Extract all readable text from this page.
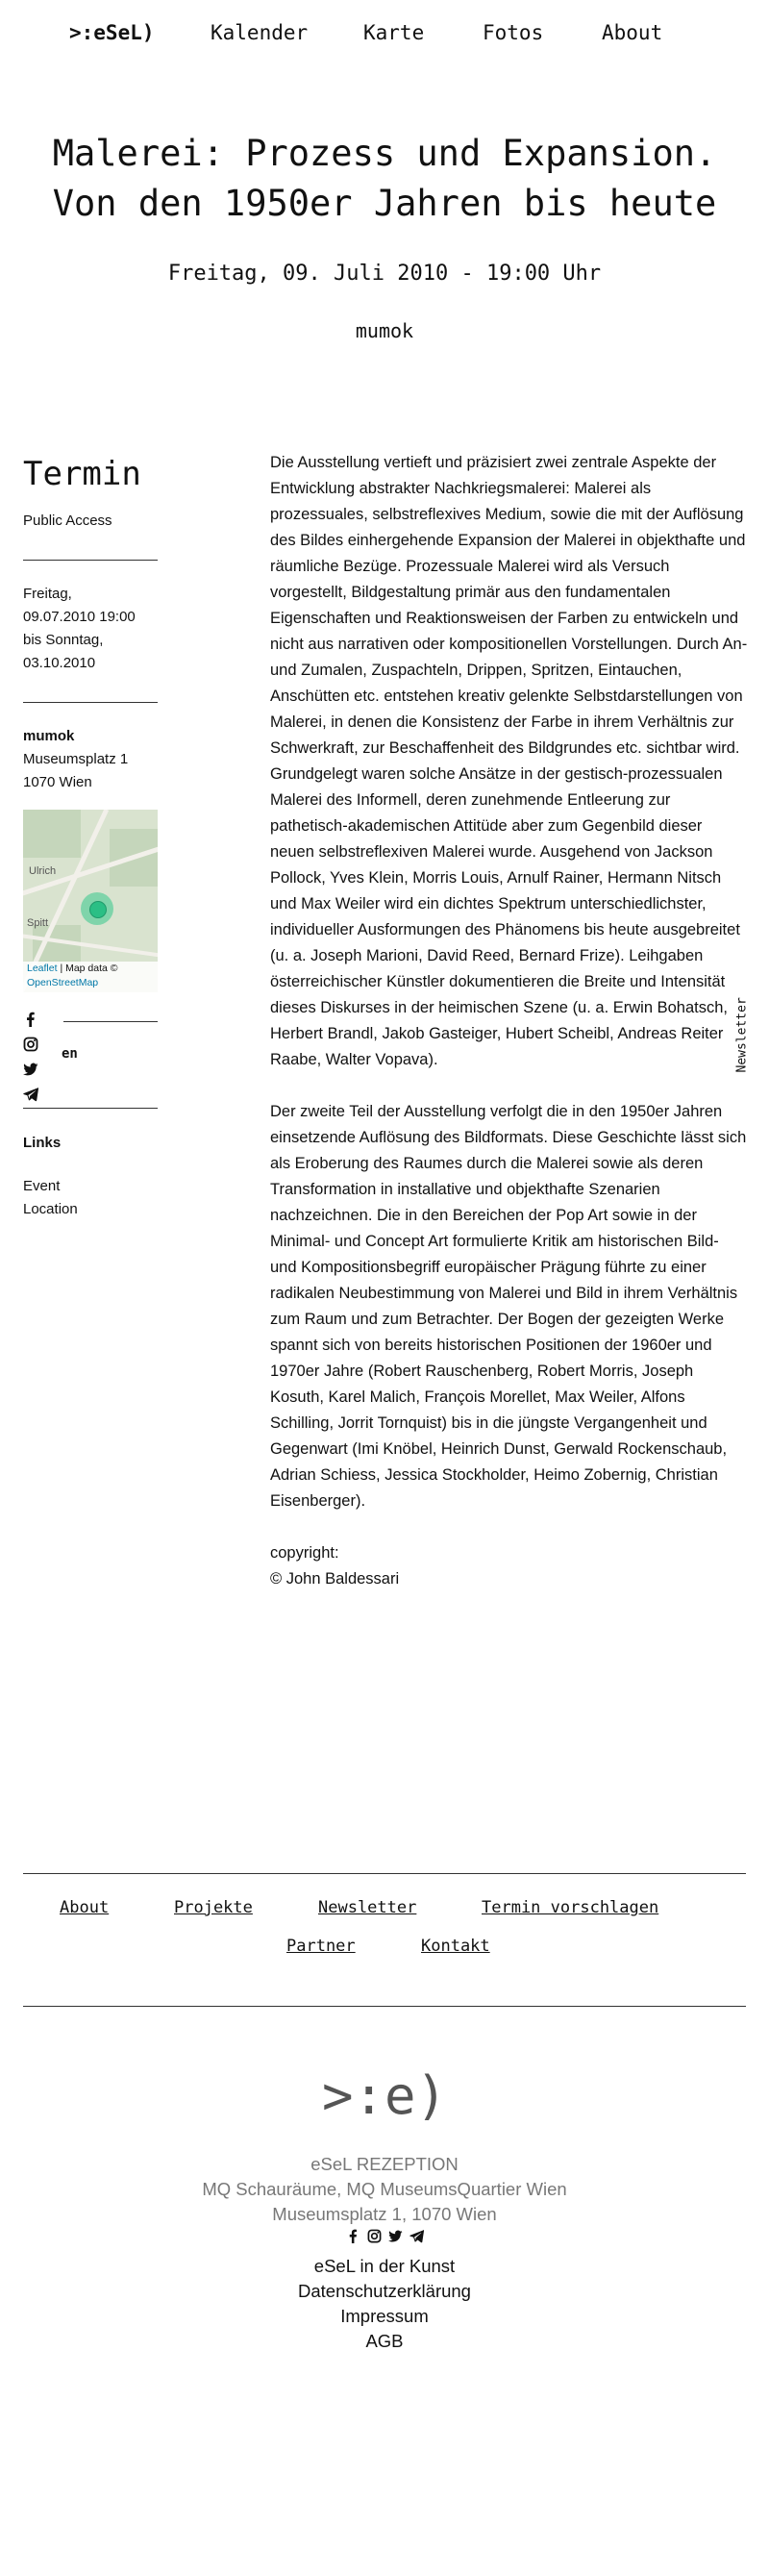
>:eSeL)	Kalender	Karte	Fotos	About
Malerei: Prozess und Expansion. Von den 1950er Jahren bis heute
Freitag, 09. Juli 2010 - 19:00 Uhr
mumok
Termin
Public Access
Freitag,
09.07.2010 19:00
bis Sonntag,
03.10.2010
mumok
Museumsplatz 1
1070 Wien
Ulrich
Spitt
Leaflet | Map data ©
OpenStreetMap
en
Links
Event
Location

Die Ausstellung vertieft und präzisiert zwei zentrale Aspekte der Entwicklung abstrakter Nachkriegsmalerei: Malerei als prozessuales, selbstreflexives Medium, sowie die mit der Auflösung des Bildes einhergehende Expansion der Malerei in objekthafte und räumliche Bezüge. Prozessuale Malerei wird als Versuch vorgestellt, Bildgestaltung primär aus den fundamentalen Eigenschaften und Reaktionsweisen der Farben zu entwickeln und nicht aus narrativen oder kompositionellen Vorstellungen. Durch An- und Zumalen, Zuspachteln, Drippen, Spritzen, Eintauchen, Anschütten etc. entstehen kreativ gelenkte Selbstdarstellungen von Malerei, in denen die Konsistenz der Farbe in ihrem Verhältnis zur Schwerkraft, zur Beschaffenheit des Bildgrundes etc. sichtbar wird. Grundgelegt waren solche Ansätze in der gestisch-prozessualen Malerei des Informell, deren zunehmende Entleerung zur pathetisch-akademischen Attitüde aber zum Gegenbild dieser neuen selbstreflexiven Malerei wurde. Ausgehend von Jackson Pollock, Yves Klein, Morris Louis, Arnulf Rainer, Hermann Nitsch und Max Weiler wird ein dichtes Spektrum unterschiedlichster, individueller Ausformungen des Phänomens bis heute ausgebreitet (u. a. Joseph Marioni, David Reed, Bernard Frize). Leihgaben österreichischer Künstler dokumentieren die Breite und Intensität dieses Diskurses in der heimischen Szene (u. a. Erwin Bohatsch, Herbert Brandl, Jakob Gasteiger, Hubert Scheibl, Andreas Reiter Raabe, Walter Vopava).

Der zweite Teil der Ausstellung verfolgt die in den 1950er Jahren einsetzende Auflösung des Bildformats. Diese Geschichte lässt sich als Eroberung des Raumes durch die Malerei sowie als deren Transformation in installative und objekthafte Szenarien nachzeichnen. Die in den Bereichen der Pop Art sowie in der Minimal- und Concept Art formulierte Kritik am historischen Bild- und Kompositionsbegriff europäischer Prägung führte zu einer radikalen Neubestimmung von Malerei und Bild in ihrem Verhältnis zum Raum und zum Betrachter. Der Bogen der gezeigten Werke spannt sich von bereits historischen Positionen der 1960er und 1970er Jahre (Robert Rauschenberg, Robert Morris, Joseph Kosuth, Karel Malich, François Morellet, Max Weiler, Alfons Schilling, Jorrit Tornquist) bis in die jüngste Vergangenheit und Gegenwart (Imi Knöbel, Heinrich Dunst, Gerwald Rockenschaub, Adrian Schiess, Jessica Stockholder, Heimo Zobernig, Christian Eisenberger).

copyright:

© John Baldessari

Newsletter
About	Projekte	Newsletter	Termin vorschlagen
Partner	Kontakt
>:e)
eSeL REZEPTION
MQ Schauräume, MQ MuseumsQuartier Wien
Museumsplatz 1, 1070 Wien
eSeL in der Kunst
Datenschutzerklärung
Impressum
AGB
